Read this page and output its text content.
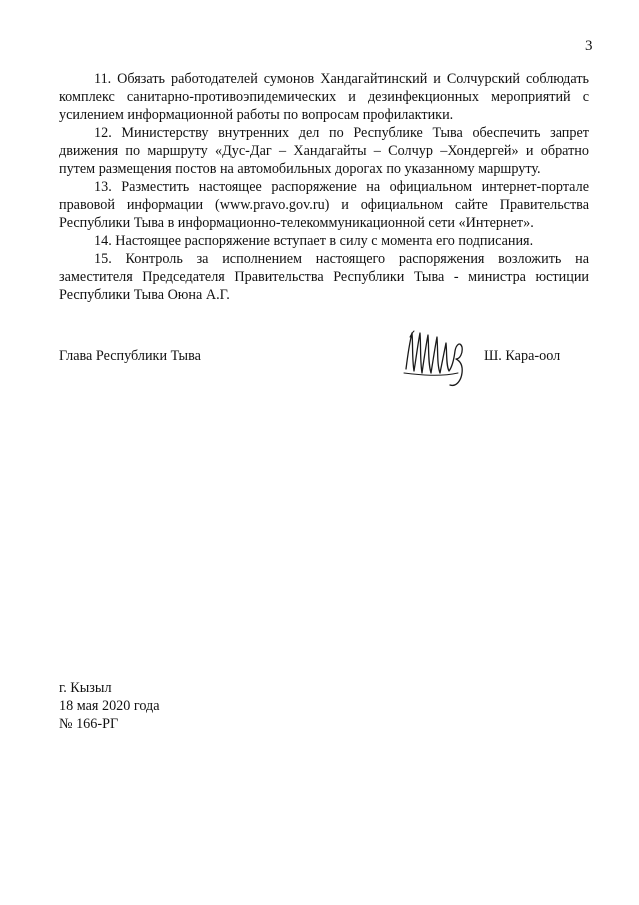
3

11. Обязать работодателей сумонов Хандагайтинский и Солчурский соблюдать комплекс санитарно-противоэпидемических и дезинфекционных мероприятий с усилением информационной работы по вопросам профилактики.

12. Министерству внутренних дел по Республике Тыва обеспечить запрет движения по маршруту «Дус-Даг – Хандагайты – Солчур –Хондергей» и обратно путем размещения постов на автомобильных дорогах по указанному маршруту.

13. Разместить настоящее распоряжение на официальном интернет-портале правовой информации (www.pravo.gov.ru) и официальном сайте Правительства Республики Тыва в информационно-телекоммуникационной сети «Интернет».

14. Настоящее распоряжение вступает в силу с момента его подписания.

15. Контроль за исполнением настоящего распоряжения возложить на заместителя Председателя Правительства Республики Тыва - министра юстиции Республики Тыва Оюна А.Г.

Глава Республики Тыва	Ш. Кара-оол
г. Кызыл
18 мая 2020 года
№ 166-РГ
